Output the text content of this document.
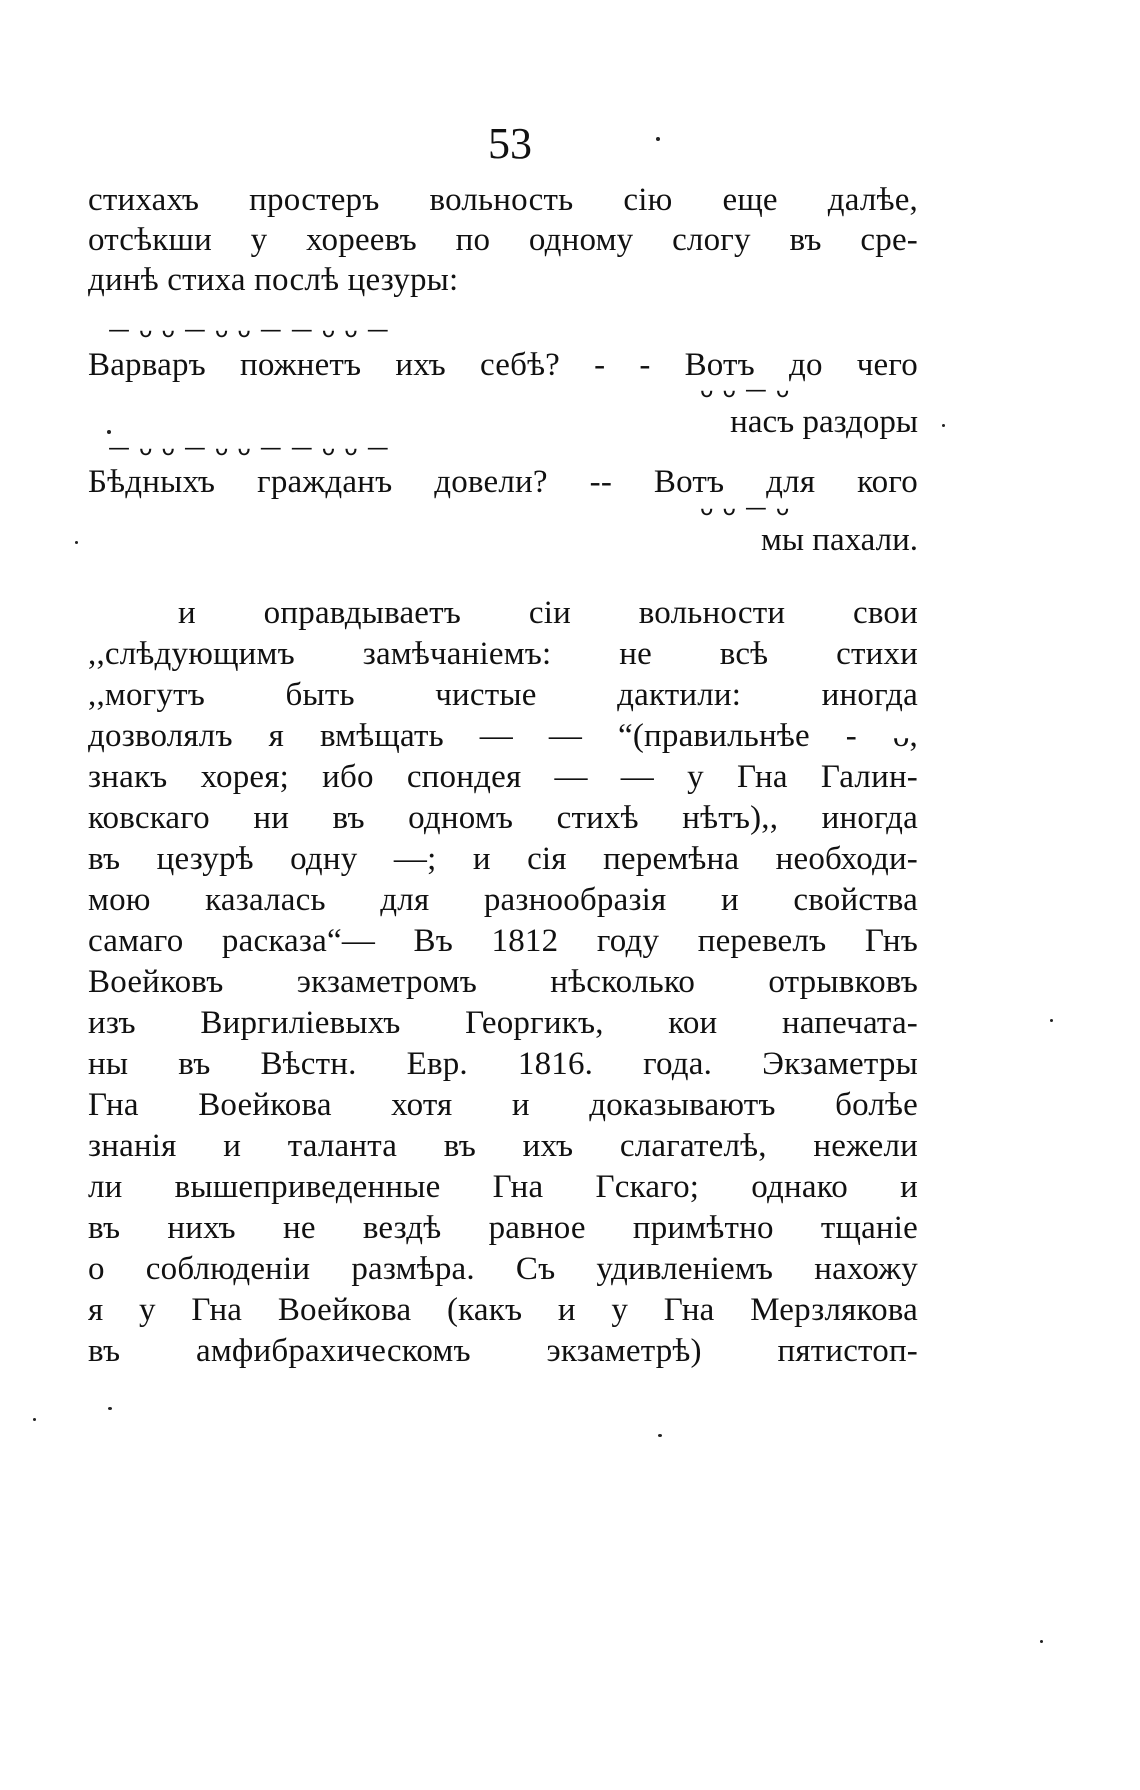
53
стихахъ простеръ вольность сію еще далѣе,
отсѣкши у хореевъ по одному слогу въ сре-
динѣ стиха послѣ цезуры:
— ᴗ ᴗ — ᴗ ᴗ — — ᴗ ᴗ —
Варваръ пожнетъ ихъ себѣ? - - Вотъ до чего
ᴗ ᴗ — ᴗ
насъ раздоры
— ᴗ ᴗ — ᴗ ᴗ — — ᴗ ᴗ —
Бѣдныхъ гражданъ довели? -- Вотъ для кого
ᴗ ᴗ — ᴗ
мы пахали.
и оправдываетъ сіи вольности свои
,,слѣдующимъ замѣчаніемъ: не всѣ стихи
,,могутъ быть чистые дактили: иногда
дозволялъ я вмѣщать — — “(правильнѣе - ᴗ,
знакъ хорея; ибо спондея — — у Гна Галин-
ковскаго ни въ одномъ стихѣ нѣтъ),, иногда
въ цезурѣ одну —; и сія перемѣна необходи-
мою казалась для разнообразія и свойства
самаго расказа“— Въ 1812 году перевелъ Гнъ
Воейковъ экзаметромъ нѣсколько отрывковъ
изъ Виргиліевыхъ Георгикъ, кои напечата-
ны въ Вѣстн. Евр. 1816. года. Экзаметры
Гна Воейкова хотя и доказываютъ болѣе
знанія и таланта въ ихъ слагателѣ, нежели
ли вышеприведенные Гна Гскаго; однако и
въ нихъ не вездѣ равное примѣтно тщаніе
о соблюденіи размѣра. Съ удивленіемъ нахожу
я у Гна Воейкова (какъ и у Гна Мерзлякова
въ амфибрахическомъ экзаметрѣ) пятистоп-
